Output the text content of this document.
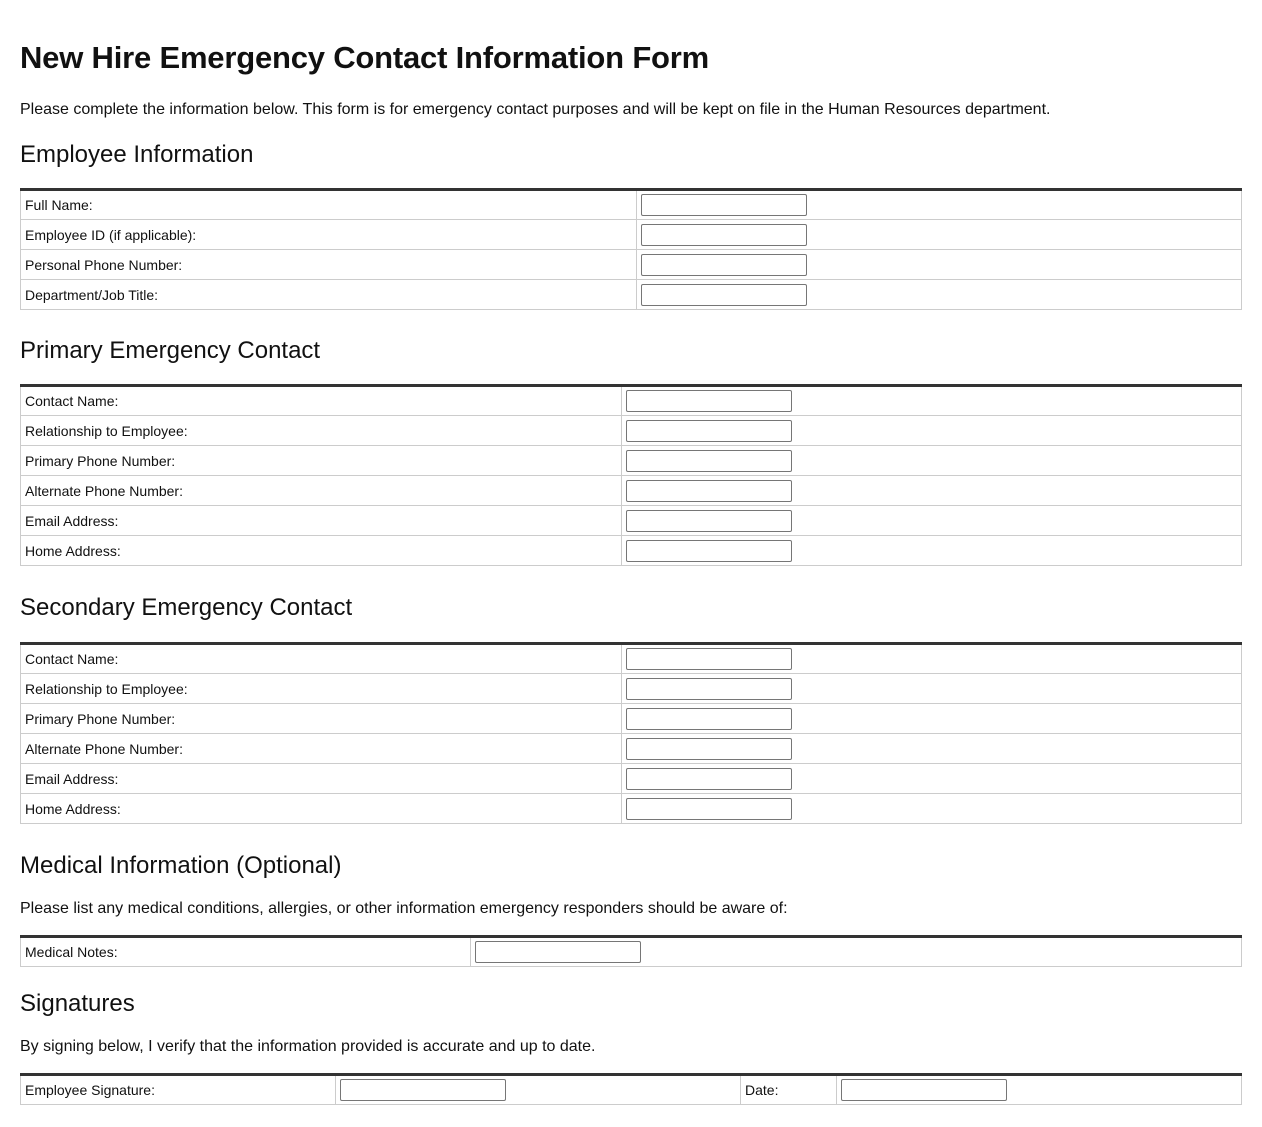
New Hire Emergency Contact Information Form
Please complete the information below. This form is for emergency contact purposes and will be kept on file in the Human Resources department.
Employee Information
Full Name:	

Employee ID (if applicable):	

Personal Phone Number:	

Department/Job Title:	
Primary Emergency Contact
Contact Name:	

Relationship to Employee:	

Primary Phone Number:	

Alternate Phone Number:	

Email Address:	

Home Address:	
Secondary Emergency Contact
Contact Name:	

Relationship to Employee:	

Primary Phone Number:	

Alternate Phone Number:	

Email Address:	

Home Address:	
Medical Information (Optional)
Please list any medical conditions, allergies, or other information emergency responders should be aware of:
Medical Notes:	
Signatures
By signing below, I verify that the information provided is accurate and up to date.
Employee Signature:		Date:	
